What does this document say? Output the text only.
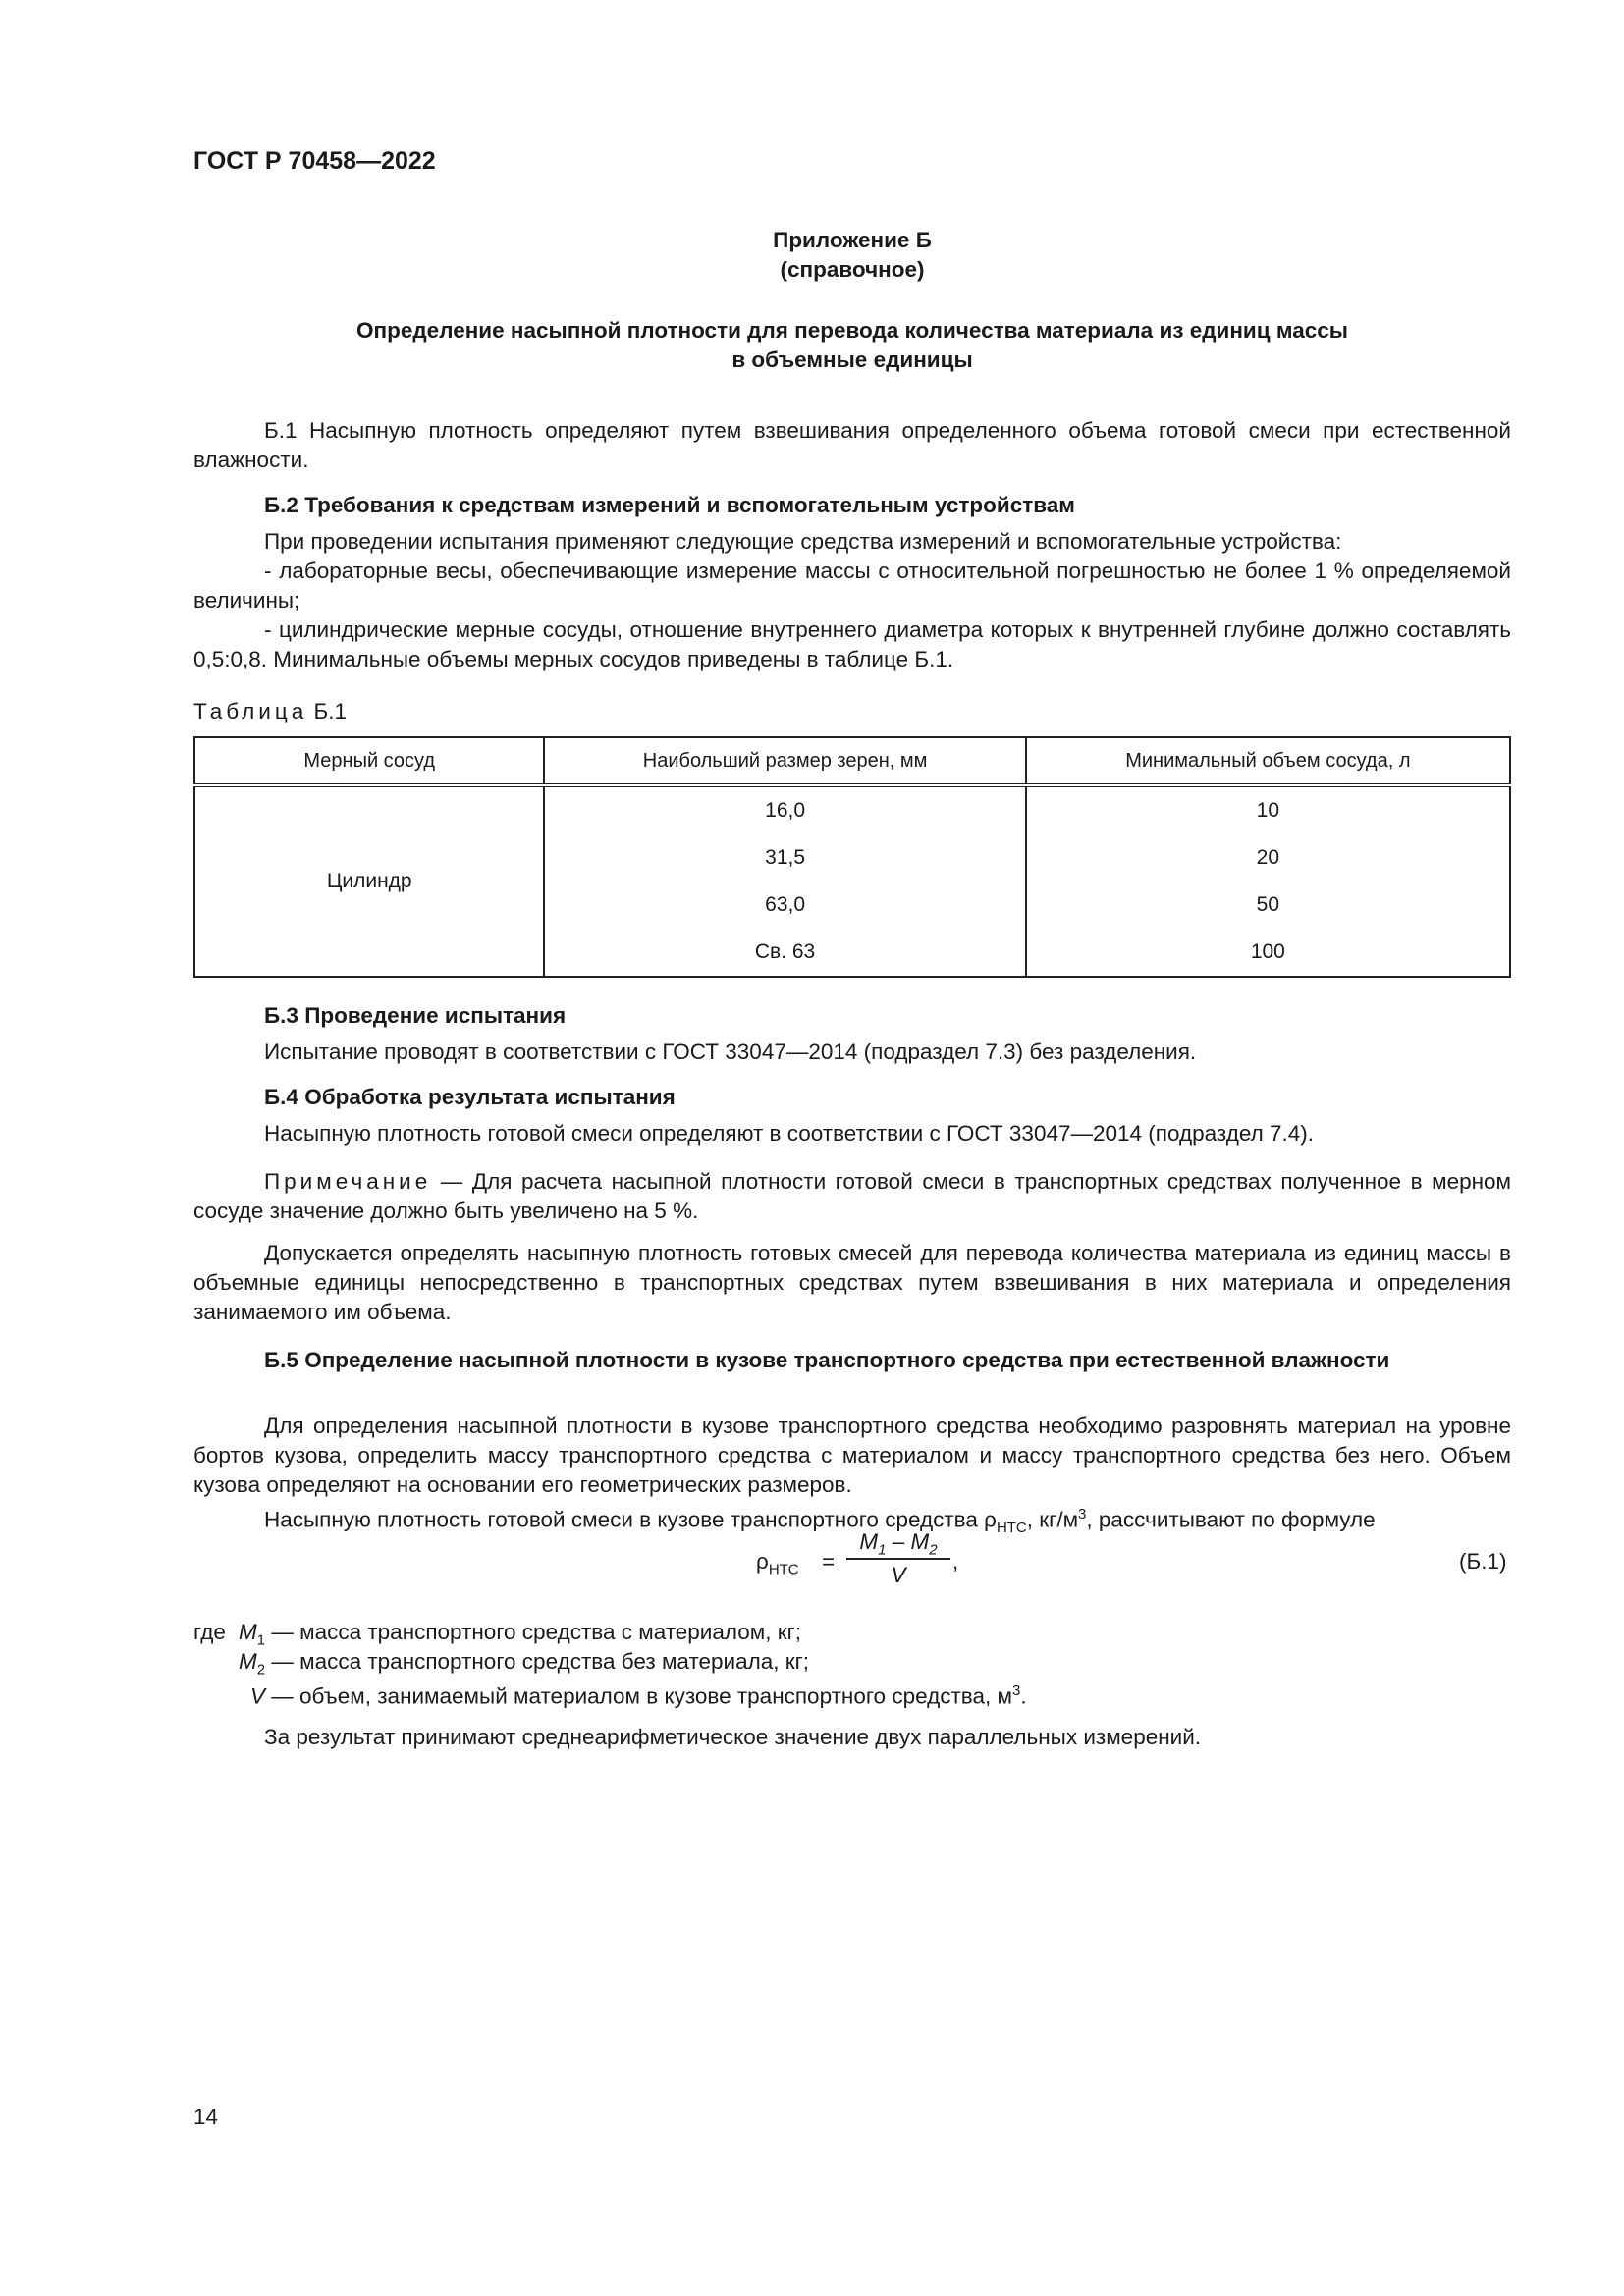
ГОСТ Р 70458—2022
Приложение Б
(справочное)
Определение насыпной плотности для перевода количества материала из единиц массы
в объемные единицы
Б.1 Насыпную плотность определяют путем взвешивания определенного объема готовой смеси при естественной влажности.
Б.2 Требования к средствам измерений и вспомогательным устройствам
При проведении испытания применяют следующие средства измерений и вспомогательные устройства:
- лабораторные весы, обеспечивающие измерение массы с относительной погрешностью не более 1 % определяемой величины;
- цилиндрические мерные сосуды, отношение внутреннего диаметра которых к внутренней глубине должно составлять 0,5:0,8. Минимальные объемы мерных сосудов приведены в таблице Б.1.
Таблица Б.1
Мерный сосуд	Наибольший размер зерен, мм	Минимальный объем сосуда, л
Цилиндр	16,0	10
	31,5	20
	63,0	50
	Св. 63	100
Б.3 Проведение испытания
Испытание проводят в соответствии с ГОСТ 33047—2014 (подраздел 7.3) без разделения.
Б.4 Обработка результата испытания
Насыпную плотность готовой смеси определяют в соответствии с ГОСТ 33047—2014 (подраздел 7.4).
Примечание — Для расчета насыпной плотности готовой смеси в транспортных средствах полученное в мерном сосуде значение должно быть увеличено на 5 %.
Допускается определять насыпную плотность готовых смесей для перевода количества материала из единиц массы в объемные единицы непосредственно в транспортных средствах путем взвешивания в них материала и определения занимаемого им объема.
Б.5 Определение насыпной плотности в кузове транспортного средства при естественной влажности
Для определения насыпной плотности в кузове транспортного средства необходимо разровнять материал на уровне бортов кузова, определить массу транспортного средства с материалом и массу транспортного средства без него. Объем кузова определяют на основании его геометрических размеров.
Насыпную плотность готовой смеси в кузове транспортного средства $\rho_{НТС}$, $кг/м^3$, рассчитывают по формуле
$\rho_{НТС}$ =
$M_1 - M_2$
V
,	(Б.1)
где $M_1$ — масса транспортного средства с материалом, кг;
$M_2$ — масса транспортного средства без материала, кг;
V — объем, занимаемый материалом в кузове транспортного средства, $м^3$.
За результат принимают среднеарифметическое значение двух параллельных измерений.
14
